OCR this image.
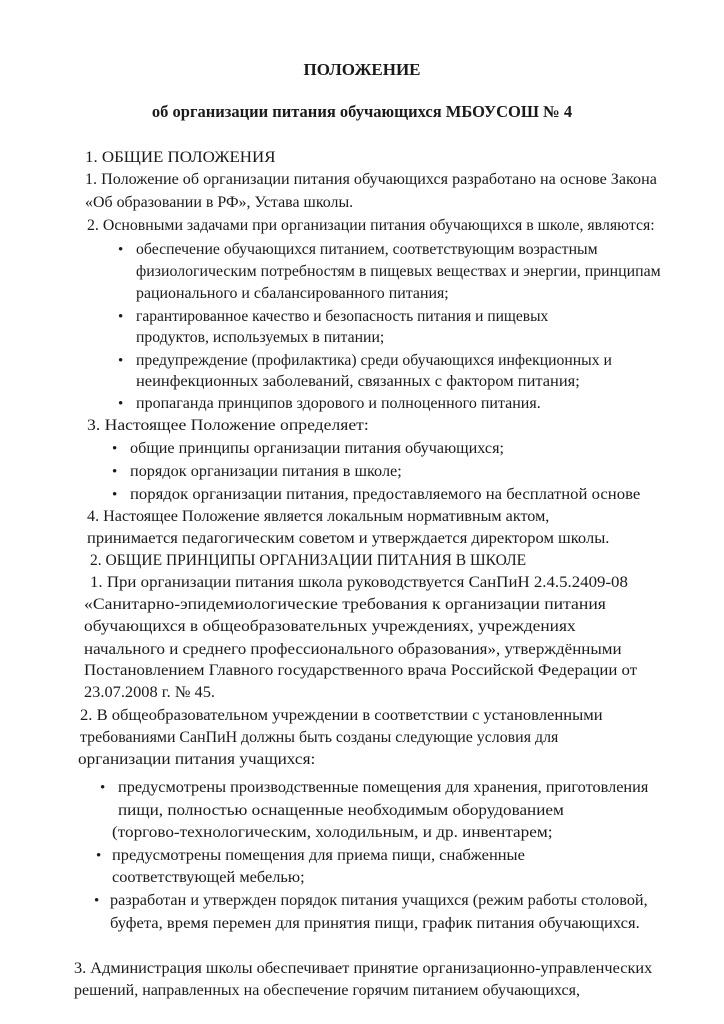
ПОЛОЖЕНИЕ
об организации питания обучающихся МБОУСОШ № 4
1. ОБЩИЕ ПОЛОЖЕНИЯ
1. Положение об организации питания обучающихся разработано на основе Закона
«Об образовании в РФ», Устава школы.
2. Основными задачами при организации питания обучающихся в школе, являются:
• обеспечение обучающихся питанием, соответствующим возрастным
физиологическим потребностям в пищевых веществах и энергии, принципам
рационального и сбалансированного питания;
• гарантированное качество и безопасность питания и пищевых
продуктов, используемых в питании;
• предупреждение (профилактика) среди обучающихся инфекционных и
неинфекционных заболеваний, связанных с фактором питания;
• пропаганда принципов здорового и полноценного питания.
3. Настоящее Положение определяет:
• общие принципы организации питания обучающихся;
• порядок организации питания в школе;
• порядок организации питания, предоставляемого на бесплатной основе
4. Настоящее Положение является локальным нормативным актом,
принимается педагогическим советом и утверждается директором школы.
2. ОБЩИЕ ПРИНЦИПЫ ОРГАНИЗАЦИИ ПИТАНИЯ В ШКОЛЕ
1. При организации питания школа руководствуется СанПиН 2.4.5.2409-08
«Санитарно-эпидемиологические требования к организации питания
обучающихся в общеобразовательных учреждениях, учреждениях
начального и среднего профессионального образования», утверждёнными
Постановлением Главного государственного врача Российской Федерации от
23.07.2008 г. № 45.
2. В общеобразовательном учреждении в соответствии с установленными
требованиями СанПиН должны быть созданы следующие условия для
организации питания учащихся:
• предусмотрены производственные помещения для хранения, приготовления
пищи, полностью оснащенные необходимым оборудованием
(торгово-технологическим, холодильным, и др. инвентарем;
• предусмотрены помещения для приема пищи, снабженные
соответствующей мебелью;
• разработан и утвержден порядок питания учащихся (режим работы столовой,
буфета, время перемен для принятия пищи, график питания обучающихся.
3. Администрация школы обеспечивает принятие организационно-управленческих
решений, направленных на обеспечение горячим питанием обучающихся,
